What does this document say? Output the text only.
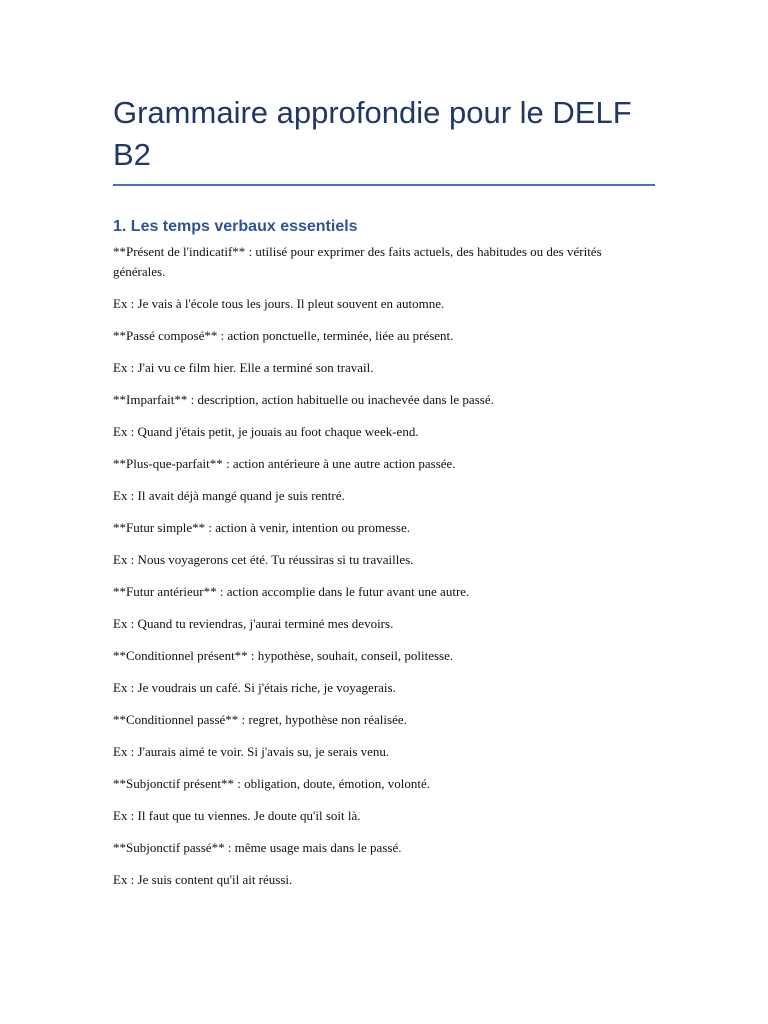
Grammaire approfondie pour le DELF B2
1. Les temps verbaux essentiels

**Présent de l'indicatif** : utilisé pour exprimer des faits actuels, des habitudes ou des vérités générales.

Ex : Je vais à l'école tous les jours. Il pleut souvent en automne.

**Passé composé** : action ponctuelle, terminée, liée au présent.

Ex : J'ai vu ce film hier. Elle a terminé son travail.

**Imparfait** : description, action habituelle ou inachevée dans le passé.

Ex : Quand j'étais petit, je jouais au foot chaque week-end.

**Plus-que-parfait** : action antérieure à une autre action passée.

Ex : Il avait déjà mangé quand je suis rentré.

**Futur simple** : action à venir, intention ou promesse.

Ex : Nous voyagerons cet été. Tu réussiras si tu travailles.

**Futur antérieur** : action accomplie dans le futur avant une autre.

Ex : Quand tu reviendras, j'aurai terminé mes devoirs.

**Conditionnel présent** : hypothèse, souhait, conseil, politesse.

Ex : Je voudrais un café. Si j'étais riche, je voyagerais.

**Conditionnel passé** : regret, hypothèse non réalisée.

Ex : J'aurais aimé te voir. Si j'avais su, je serais venu.

**Subjonctif présent** : obligation, doute, émotion, volonté.

Ex : Il faut que tu viennes. Je doute qu'il soit là.

**Subjonctif passé** : même usage mais dans le passé.

Ex : Je suis content qu'il ait réussi.
